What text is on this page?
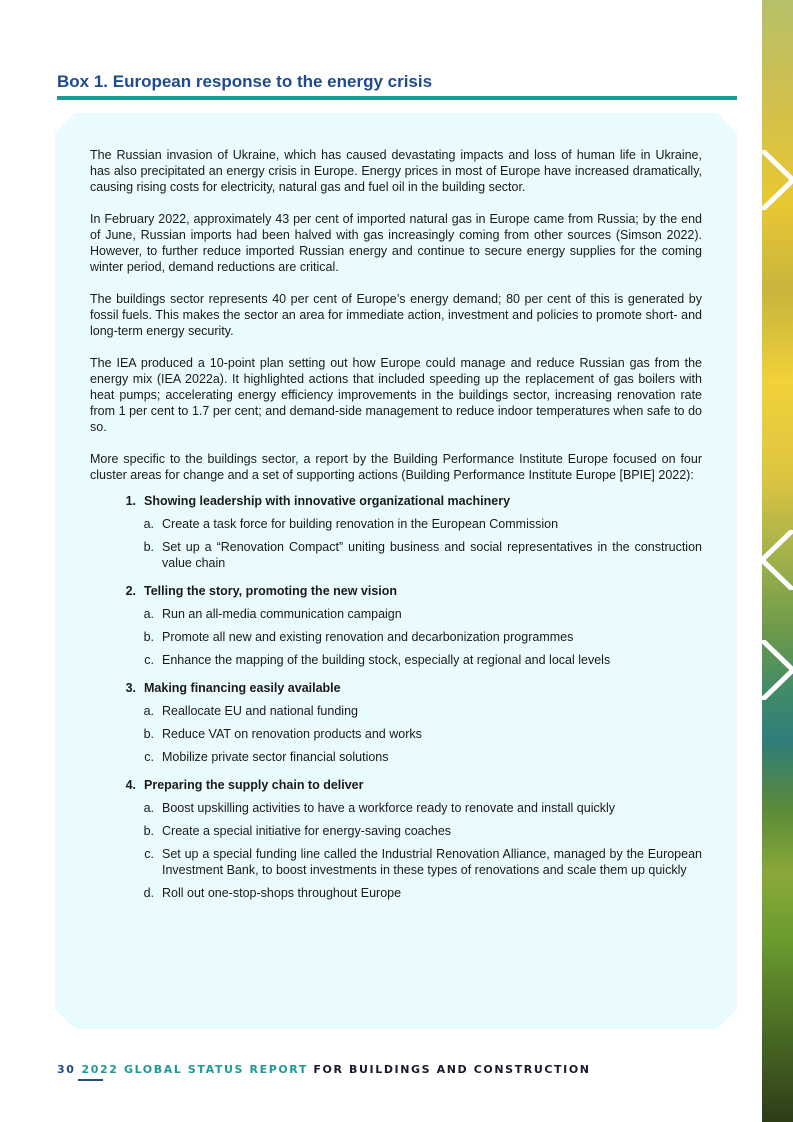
Box 1. European response to the energy crisis

The Russian invasion of Ukraine, which has caused devastating impacts and loss of human life in Ukraine, has also precipitated an energy crisis in Europe. Energy prices in most of Europe have increased dramatically, causing rising costs for electricity, natural gas and fuel oil in the building sector.

In February 2022, approximately 43 per cent of imported natural gas in Europe came from Russia; by the end of June, Russian imports had been halved with gas increasingly coming from other sources (Simson 2022). However, to further reduce imported Russian energy and continue to secure energy supplies for the coming winter period, demand reductions are critical.

The buildings sector represents 40 per cent of Europe’s energy demand; 80 per cent of this is generated by fossil fuels. This makes the sector an area for immediate action, investment and policies to promote short- and long-term energy security.

The IEA produced a 10-point plan setting out how Europe could manage and reduce Russian gas from the energy mix (IEA 2022a). It highlighted actions that included speeding up the replacement of gas boilers with heat pumps; accelerating energy efficiency improvements in the buildings sector, increasing renovation rate from 1 per cent to 1.7 per cent; and demand-side management to reduce indoor temperatures when safe to do so.

More specific to the buildings sector, a report by the Building Performance Institute Europe focused on four cluster areas for change and a set of supporting actions (Building Performance Institute Europe [BPIE] 2022):

1. Showing leadership with innovative organizational machinery
a. Create a task force for building renovation in the European Commission
b. Set up a “Renovation Compact” uniting business and social representatives in the construction value chain
2. Telling the story, promoting the new vision
a. Run an all-media communication campaign
b. Promote all new and existing renovation and decarbonization programmes
c. Enhance the mapping of the building stock, especially at regional and local levels
3. Making financing easily available
a. Reallocate EU and national funding
b. Reduce VAT on renovation products and works
c. Mobilize private sector financial solutions
4. Preparing the supply chain to deliver
a. Boost upskilling activities to have a workforce ready to renovate and install quickly
b. Create a special initiative for energy-saving coaches
c. Set up a special funding line called the Industrial Renovation Alliance, managed by the European Investment Bank, to boost investments in these types of renovations and scale them up quickly
d. Roll out one-stop-shops throughout Europe
30 2022 GLOBAL STATUS REPORT FOR BUILDINGS AND CONSTRUCTION
